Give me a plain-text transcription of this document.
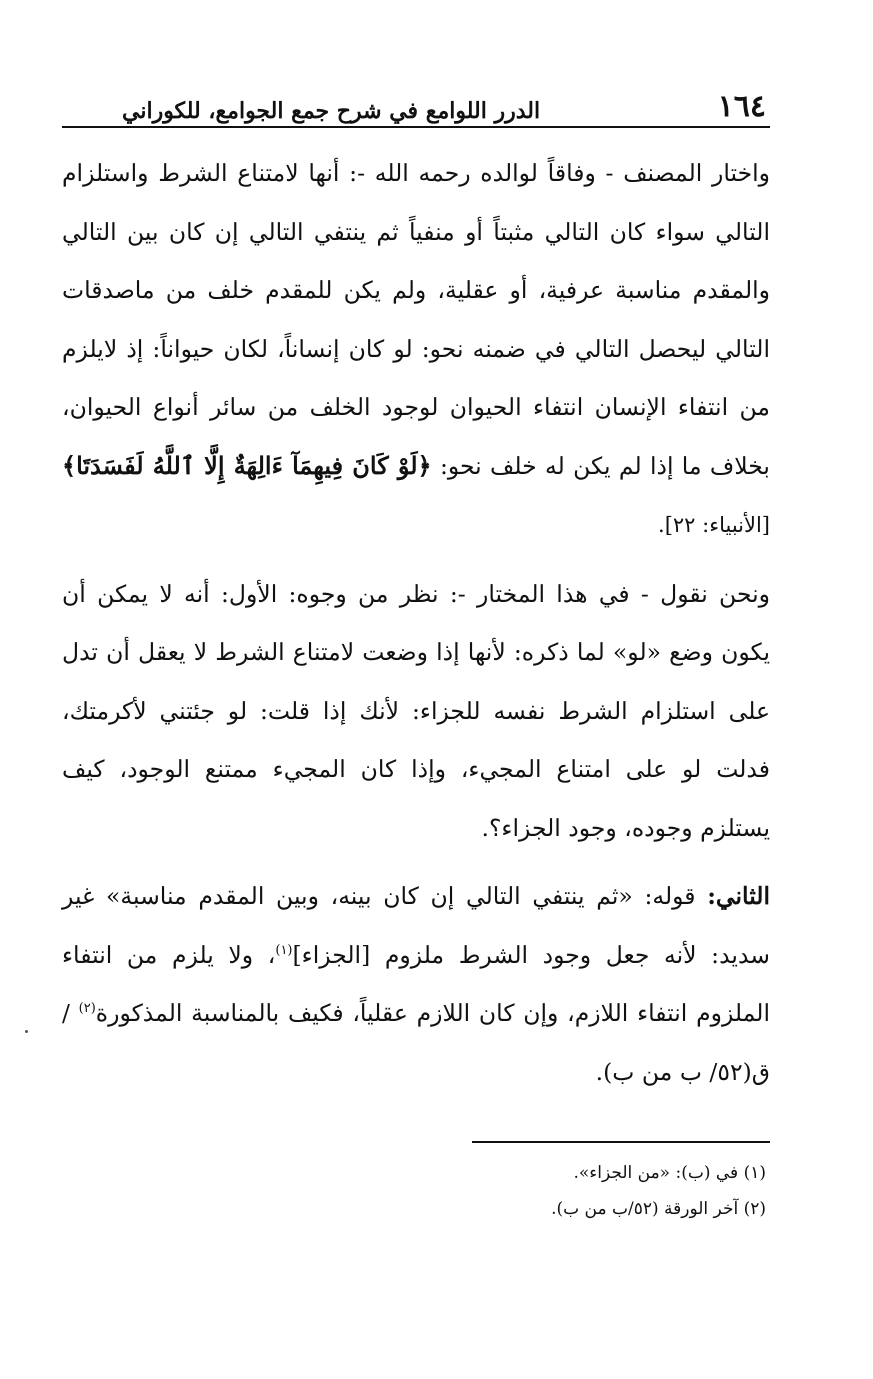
١٦٤
الدرر اللوامع في شرح جمع الجوامع، للكوراني

واختار المصنف - وفاقاً لوالده رحمه الله -: أنها لامتناع الشرط واستلزام التالي سواء كان التالي مثبتاً أو منفياً ثم ينتفي التالي إن كان بين التالي والمقدم مناسبة عرفية، أو عقلية، ولم يكن للمقدم خلف من ماصدقات التالي ليحصل التالي في ضمنه نحو: لو كان إنساناً، لكان حيواناً: إذ لايلزم من انتفاء الإنسان انتفاء الحيوان لوجود الخلف من سائر أنواع الحيوان، بخلاف ما إذا لم يكن له خلف نحو: ﴿لَوْ كَانَ فِيهِمَآ ءَالِهَةٌ إِلَّا ٱللَّهُ لَفَسَدَتَا﴾ [الأنبياء: ٢٢].

ونحن نقول - في هذا المختار -: نظر من وجوه: الأول: أنه لا يمكن أن يكون وضع «لو» لما ذكره: لأنها إذا وضعت لامتناع الشرط لا يعقل أن تدل على استلزام الشرط نفسه للجزاء: لأنك إذا قلت: لو جئتني لأكرمتك، فدلت لو على امتناع المجيء، وإذا كان المجيء ممتنع الوجود، كيف يستلزم وجوده، وجود الجزاء؟.

الثاني: قوله: «ثم ينتفي التالي إن كان بينه، وبين المقدم مناسبة» غير سديد: لأنه جعل وجود الشرط ملزوم [الجزاء]$^{(١)}$، ولا يلزم من انتفاء الملزوم انتفاء اللازم، وإن كان اللازم عقلياً، فكيف بالمناسبة المذكورة$^{(٢)}$ / ق(٥٢/ ب من ب).

(١) في (ب): «من الجزاء».

(٢) آخر الورقة (٥٢/ب من ب).
